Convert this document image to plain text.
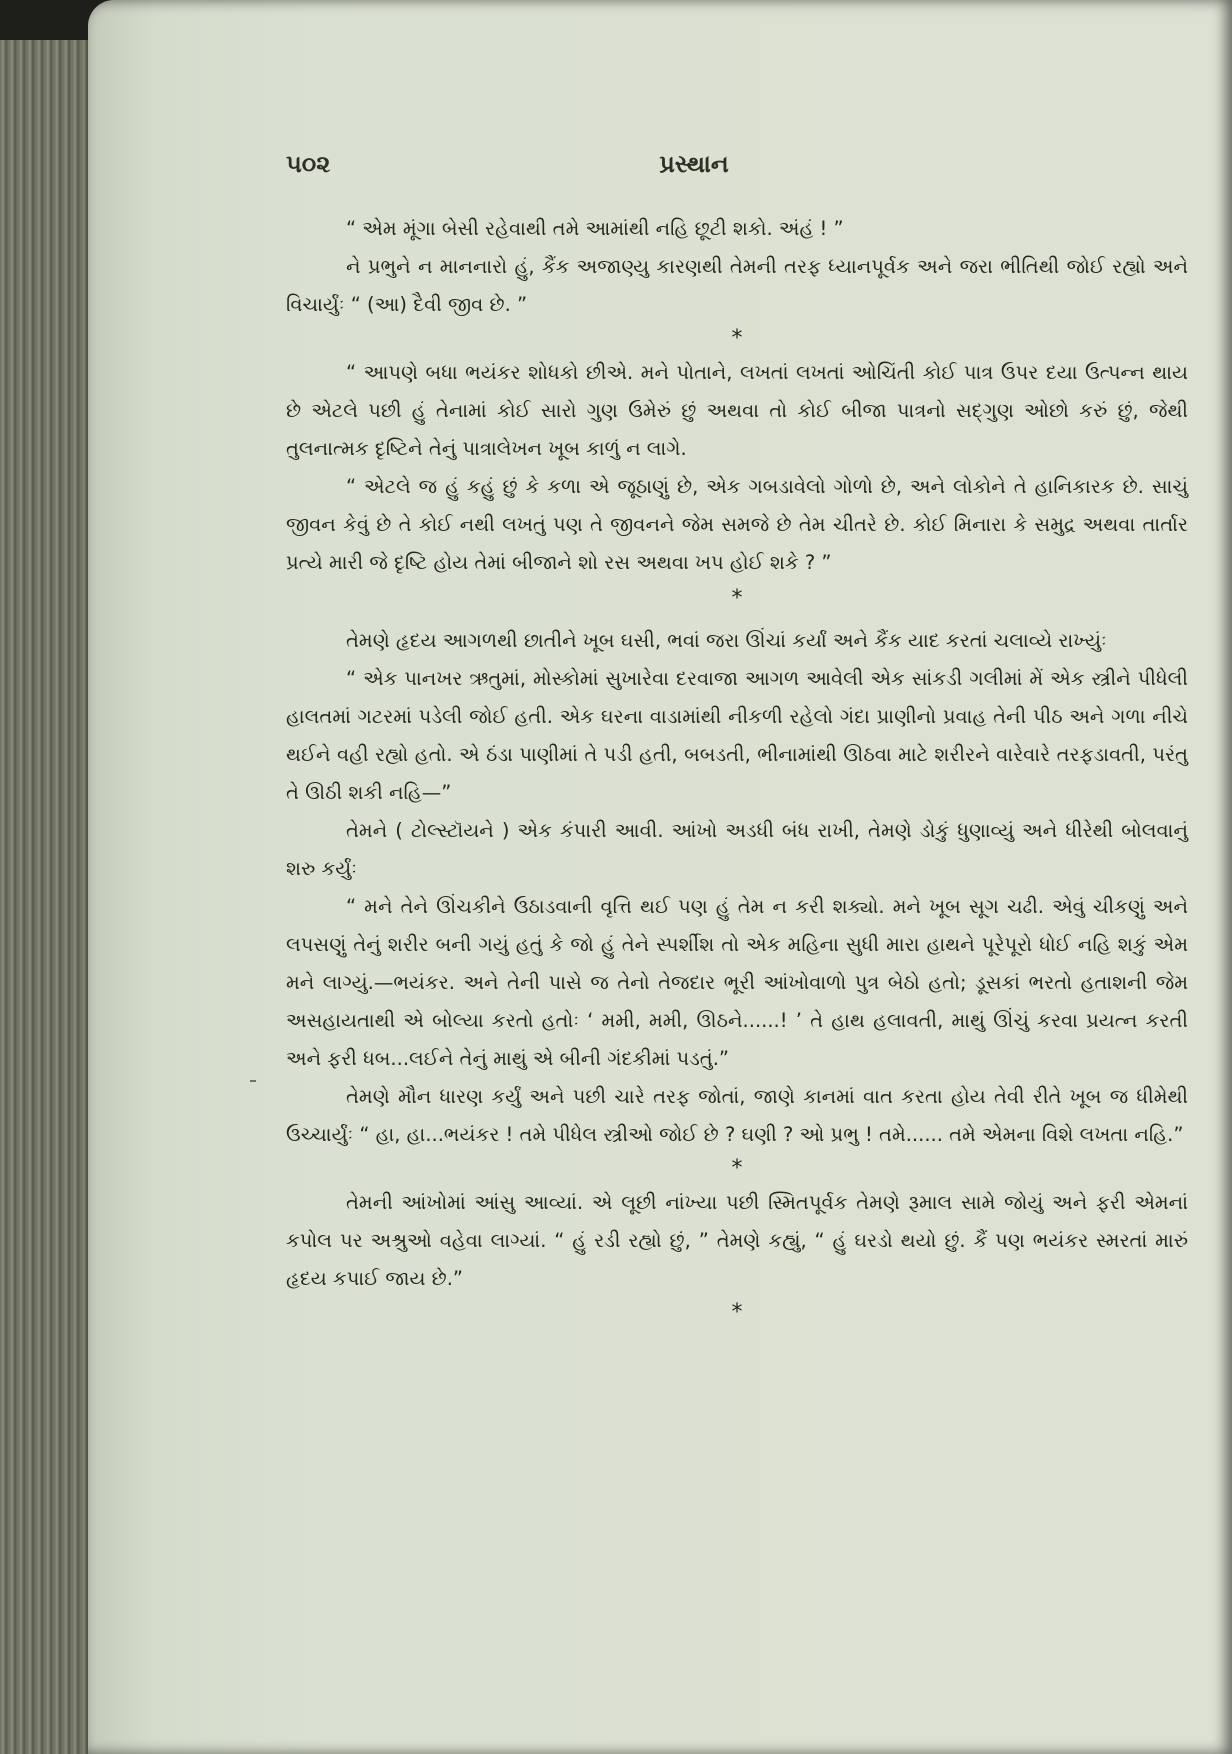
૫૦૨	પ્રસ્થાન

“ એમ મૂંગા બેસી રહેવાથી તમે આમાંથી નહિ છૂટી શકો. અંહં ! ”

ને પ્રભુને ન માનનારો હું, કૈંક અજાણ્યુ કારણથી તેમની તરફ ધ્યાનપૂર્વક અને જરા ભીતિથી જોઈ રહ્યો અને વિચાર્યુંઃ “ (આ) દૈવી જીવ છે. ”

*

“ આપણે બધા ભયંકર શોધકો છીએ. મને પોતાને, લખતાં લખતાં ઓચિંતી કોઈ પાત્ર ઉપર દયા ઉત્પન્ન થાય છે એટલે પછી હું તેનામાં કોઈ સારો ગુણ ઉમેરું છું અથવા તો કોઈ બીજા પાત્રનો સદ્ગુણ ઓછો કરું છું, જેથી તુલનાત્મક દૃષ્ટિને તેનું પાત્રાલેખન ખૂબ કાળું ન લાગે.

“ એટલે જ હું કહું છું કે કળા એ જૂઠાણું છે, એક ગબડાવેલો ગોળો છે, અને લોકોને તે હાનિકારક છે. સાચું જીવન કેવું છે તે કોઈ નથી લખતું પણ તે જીવનને જેમ સમજે છે તેમ ચીતરે છે. કોઈ મિનારા કે સમુદ્ર અથવા તાર્તાર પ્રત્યે મારી જે દૃષ્ટિ હોય તેમાં બીજાને શો રસ અથવા ખપ હોઈ શકે ? ”

*

તેમણે હૃદય આગળથી છાતીને ખૂબ ઘસી, ભવાં જરા ઊંચાં કર્યાં અને કૈંક યાદ કરતાં ચલાવ્યે રાખ્યુંઃ

“ એક પાનખર ઋતુમાં, મોસ્કોમાં સુખારેવા દરવાજા આગળ આવેલી એક સાંકડી ગલીમાં મેં એક સ્ત્રીને પીધેલી હાલતમાં ગટરમાં પડેલી જોઈ હતી. એક ઘરના વાડામાંથી નીકળી રહેલો ગંદા પ્રાણીનો પ્રવાહ તેની પીઠ અને ગળા નીચે થઈને વહી રહ્યો હતો. એ ઠંડા પાણીમાં તે પડી હતી, બબડતી, ભીનામાંથી ઊઠવા માટે શરીરને વારેવારે તરફડાવતી, પરંતુ તે ઊઠી શકી નહિ—”

તેમને ( ટોલ્સ્ટૉયને ) એક કંપારી આવી. આંખો અડધી બંધ રાખી, તેમણે ડોકું ધુણાવ્યું અને ધીરેથી બોલવાનું શરુ કર્યુંઃ

“ મને તેને ઊંચકીને ઉઠાડવાની વૃત્તિ થઈ પણ હું તેમ ન કરી શક્યો. મને ખૂબ સૂગ ચઢી. એવું ચીકણું અને લપસણું તેનું શરીર બની ગયું હતું કે જો હું તેને સ્પર્શીશ તો એક મહિના સુધી મારા હાથને પૂરેપૂરો ધોઈ નહિ શકું એમ મને લાગ્યું.—ભયંકર. અને તેની પાસે જ તેનો તેજદાર ભૂરી આંખોવાળો પુત્ર બેઠો હતો; ડૂસકાં ભરતો હતાશની જેમ અસહાયતાથી એ બોલ્યા કરતો હતોઃ ‘ મમી, મમી, ઊઠને......! ’ તે હાથ હલાવતી, માથું ઊંચું કરવા પ્રયત્ન કરતી અને ફરી ધબ...લઈને તેનું માથું એ બીની ગંદકીમાં પડતું.”

તેમણે મૌન ધારણ કર્યું અને પછી ચારે તરફ જોતાં, જાણે કાનમાં વાત કરતા હોય તેવી રીતે ખૂબ જ ધીમેથી ઉચ્ચાર્યુંઃ “ હા, હા...ભયંકર ! તમે પીધેલ સ્ત્રીઓ જોઈ છે ? ઘણી ? ઓ પ્રભુ ! તમે...... તમે એમના વિશે લખતા નહિ.”

*

તેમની આંખોમાં આંસુ આવ્યાં. એ લૂછી નાંખ્યા પછી સ્મિતપૂર્વક તેમણે રૂમાલ સામે જોયું અને ફરી એમનાં કપોલ પર અશ્રુઓ વહેવા લાગ્યાં. “ હું રડી રહ્યો છું, ” તેમણે કહ્યું, “ હું ઘરડો થયો છું. કૈં પણ ભયંકર સ્મરતાં મારું હૃદય કપાઈ જાય છે.”

*
